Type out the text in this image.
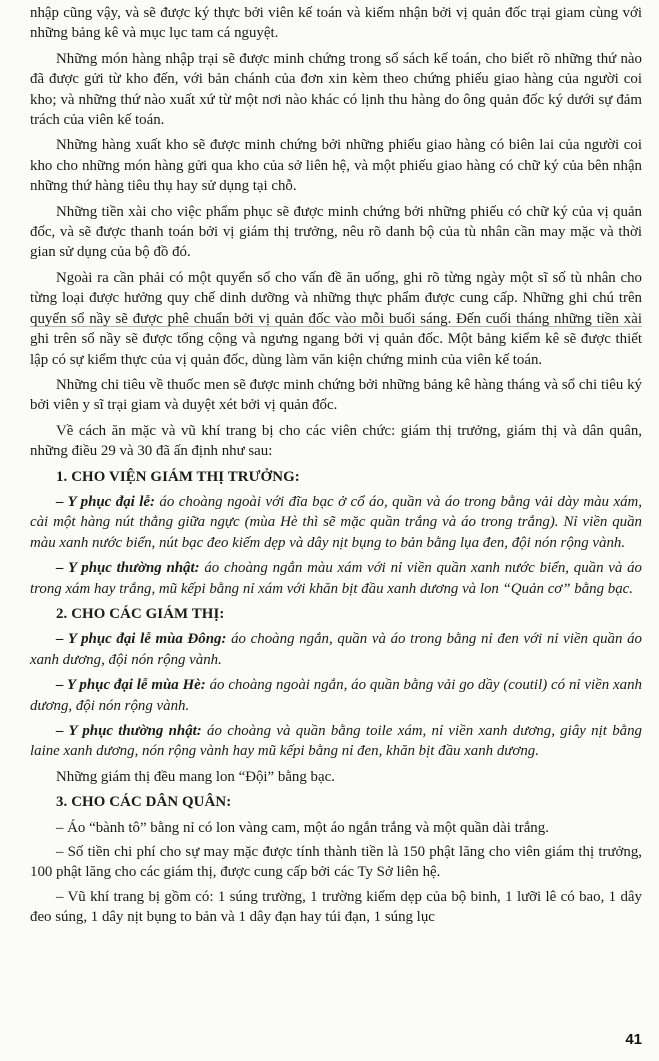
nhập cũng vậy, và sẽ được ký thực bởi viên kế toán và kiểm nhận bởi vị quản đốc trại giam cùng với những bảng kê và mục lục tam cá nguyệt.

Những món hàng nhập trại sẽ được minh chứng trong sổ sách kế toán, cho biết rõ những thứ nào đã được gửi từ kho đến, với bản chánh của đơn xin kèm theo chứng phiếu giao hàng của người coi kho; và những thứ nào xuất xứ từ một nơi nào khác có lịnh thu hàng do ông quản đốc ký dưới sự đảm trách của viên kế toán.

Những hàng xuất kho sẽ được minh chứng bởi những phiếu giao hàng có biên lai của người coi kho cho những món hàng gửi qua kho của sở liên hệ, và một phiếu giao hàng có chữ ký của bên nhận những thứ hàng tiêu thụ hay sử dụng tại chỗ.

Những tiền xài cho việc phẩm phục sẽ được minh chứng bởi những phiếu có chữ ký của vị quản đốc, và sẽ được thanh toán bởi vị giám thị trưởng, nêu rõ danh bộ của tù nhân cần may mặc và thời gian sử dụng của bộ đồ đó.

Ngoài ra cần phải có một quyển sổ cho vấn đề ăn uống, ghi rõ từng ngày một sĩ số tù nhân cho từng loại được hưởng quy chế dinh dưỡng và những thực phẩm được cung cấp. Những ghi chú trên quyển sổ nầy sẽ được phê chuẩn bởi vị quản đốc vào mỗi buổi sáng. Đến cuối tháng những tiền xài ghi trên sổ nầy sẽ được tổng cộng và ngưng ngang bởi vị quản đốc. Một bảng kiểm kê sẽ được thiết lập có sự kiểm thực của vị quản đốc, dùng làm văn kiện chứng minh của viên kế toán.

Những chi tiêu về thuốc men sẽ được minh chứng bởi những bảng kê hàng tháng và sổ chi tiêu ký bởi viên y sĩ trại giam và duyệt xét bởi vị quản đốc.

Về cách ăn mặc và vũ khí trang bị cho các viên chức: giám thị trưởng, giám thị và dân quân, những điều 29 và 30 đã ấn định như sau:

1. CHO VIỆN GIÁM THỊ TRƯỞNG:

– Y phục đại lễ: áo choàng ngoài với đĩa bạc ở cổ áo, quần và áo trong bằng vải dày màu xám, cài một hàng nút thẳng giữa ngực (mùa Hè thì sẽ mặc quần trắng và áo trong trắng). Nỉ viền quần màu xanh nước biển, nút bạc đeo kiếm dẹp và dây nịt bụng to bản bằng lụa đen, đội nón rộng vành.

– Y phục thường nhật: áo choàng ngắn màu xám với nỉ viền quần xanh nước biển, quần và áo trong xám hay trắng, mũ kếpi bằng nỉ xám với khăn bịt đầu xanh dương và lon “Quản cơ” bằng bạc.

2. CHO CÁC GIÁM THỊ:

– Y phục đại lễ mùa Đông: áo choàng ngắn, quần và áo trong bằng nỉ đen với nỉ viền quần áo xanh dương, đội nón rộng vành.

– Y phục đại lễ mùa Hè: áo choàng ngoài ngắn, áo quần bằng vải go dầy (coutil) có nỉ viền xanh dương, đội nón rộng vành.

– Y phục thường nhật: áo choàng và quần bằng toile xám, nỉ viền xanh dương, giây nịt bằng laine xanh dương, nón rộng vành hay mũ kếpi bằng nỉ đen, khăn bịt đầu xanh dương.

Những giám thị đều mang lon “Đội” bằng bạc.

3. CHO CÁC DÂN QUÂN:

– Áo “bành tô” bằng nỉ có lon vàng cam, một áo ngắn trắng và một quần dài trắng.

– Số tiền chi phí cho sự may mặc được tính thành tiền là 150 phật lăng cho viên giám thị trưởng, 100 phật lăng cho các giám thị, được cung cấp bởi các Ty Sở liên hệ.

– Vũ khí trang bị gồm có: 1 súng trường, 1 trường kiếm dẹp của bộ binh, 1 lưỡi lê có bao, 1 dây đeo súng, 1 dây nịt bụng to bản và 1 dây đạn hay túi đạn, 1 súng lục

41
